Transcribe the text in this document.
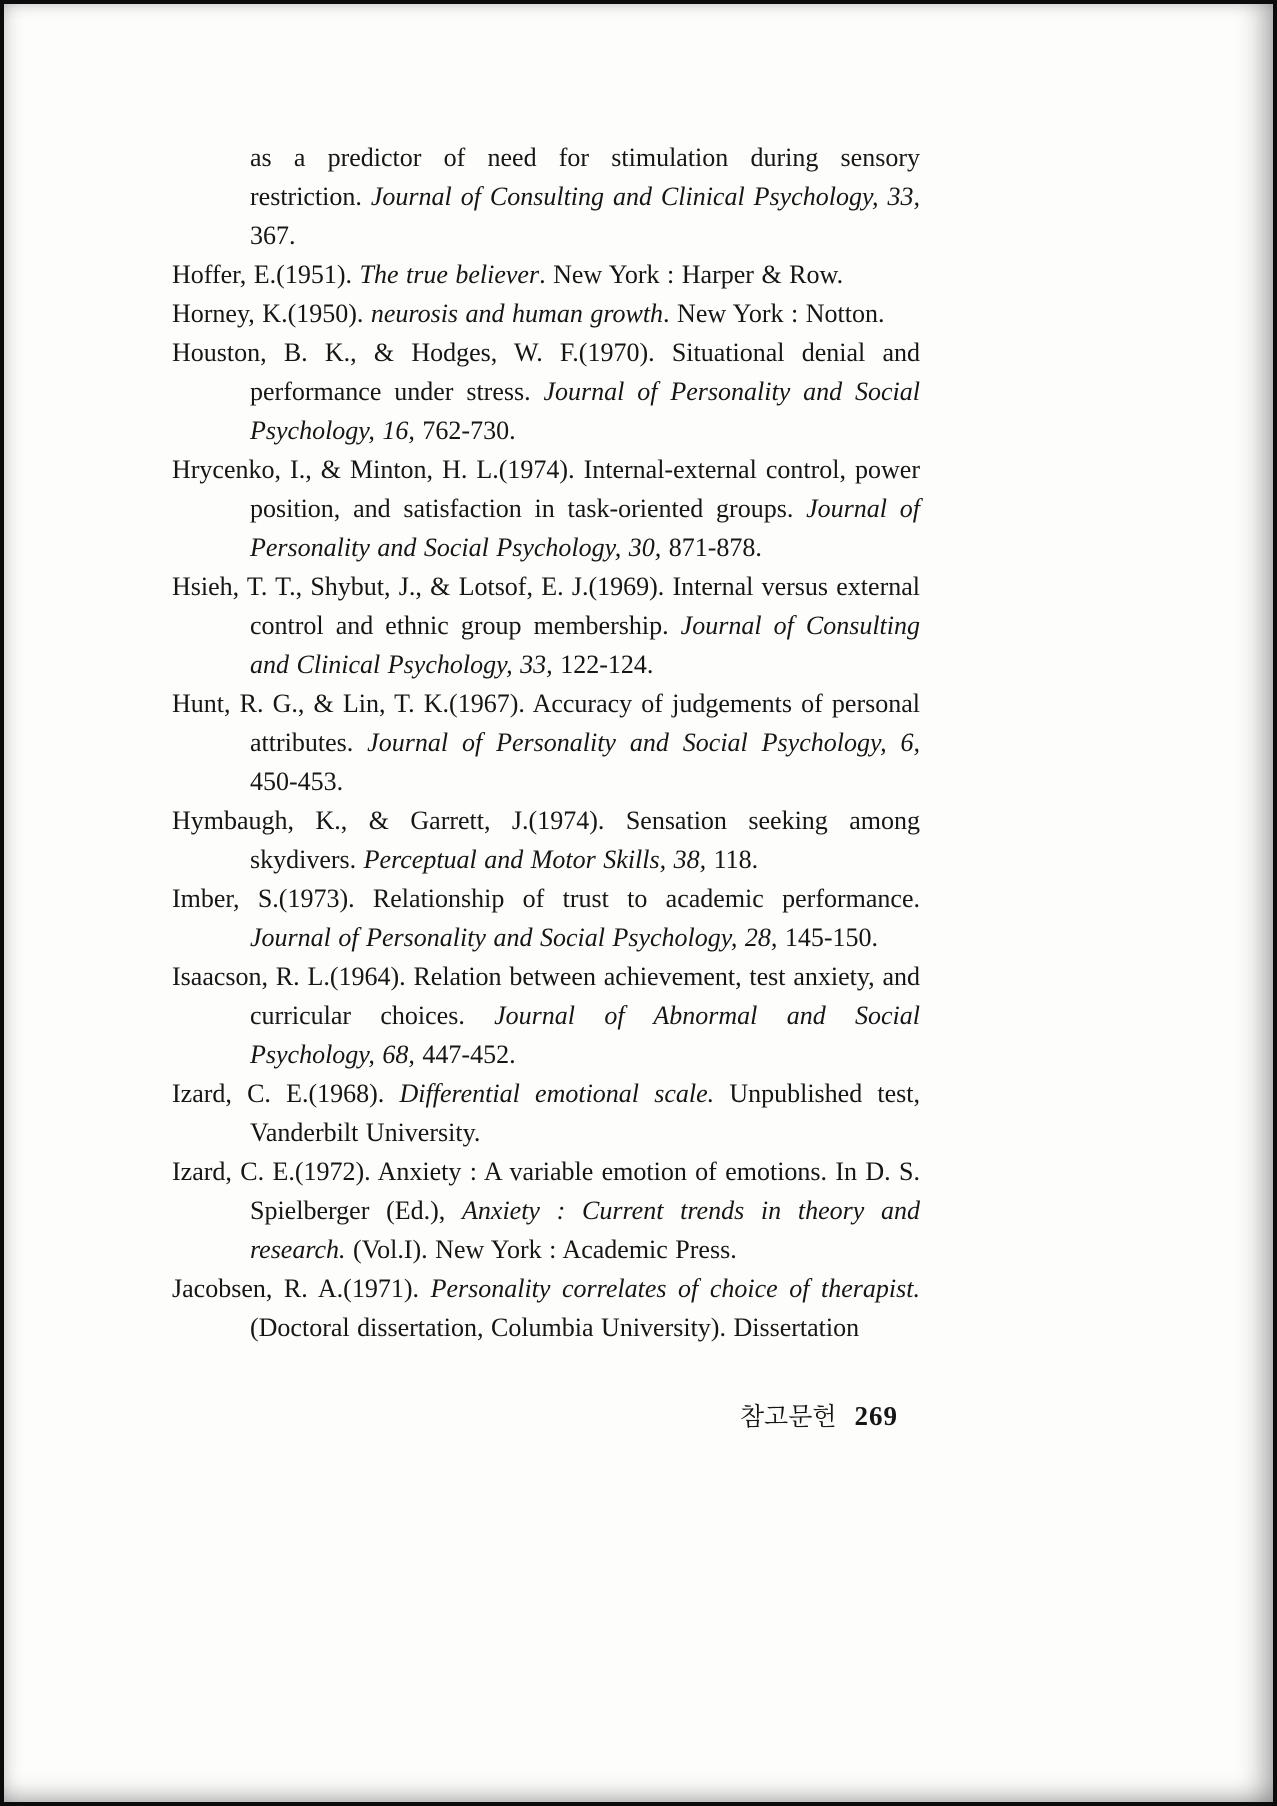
as a predictor of need for stimulation during sensory restriction. Journal of Consulting and Clinical Psychology, 33, 367.

Hoffer, E.(1951). The true believer. New York : Harper & Row.

Horney, K.(1950). neurosis and human growth. New York : Notton.

Houston, B. K., & Hodges, W. F.(1970). Situational denial and performance under stress. Journal of Personality and Social Psychology, 16, 762-730.

Hrycenko, I., & Minton, H. L.(1974). Internal-external control, power position, and satisfaction in task-oriented groups. Journal of Personality and Social Psychology, 30, 871-878.

Hsieh, T. T., Shybut, J., & Lotsof, E. J.(1969). Internal versus external control and ethnic group membership. Journal of Consulting and Clinical Psychology, 33, 122-124.

Hunt, R. G., & Lin, T. K.(1967). Accuracy of judgements of personal attributes. Journal of Personality and Social Psychology, 6, 450-453.

Hymbaugh, K., & Garrett, J.(1974). Sensation seeking among skydivers. Perceptual and Motor Skills, 38, 118.

Imber, S.(1973). Relationship of trust to academic performance. Journal of Personality and Social Psychology, 28, 145-150.

Isaacson, R. L.(1964). Relation between achievement, test anxiety, and curricular choices. Journal of Abnormal and Social Psychology, 68, 447-452.

Izard, C. E.(1968). Differential emotional scale. Unpublished test, Vanderbilt University.

Izard, C. E.(1972). Anxiety : A variable emotion of emotions. In D. S. Spielberger (Ed.), Anxiety : Current trends in theory and research. (Vol.I). New York : Academic Press.

Jacobsen, R. A.(1971). Personality correlates of choice of therapist. (Doctoral dissertation, Columbia University). Dissertation

참고문헌 269
